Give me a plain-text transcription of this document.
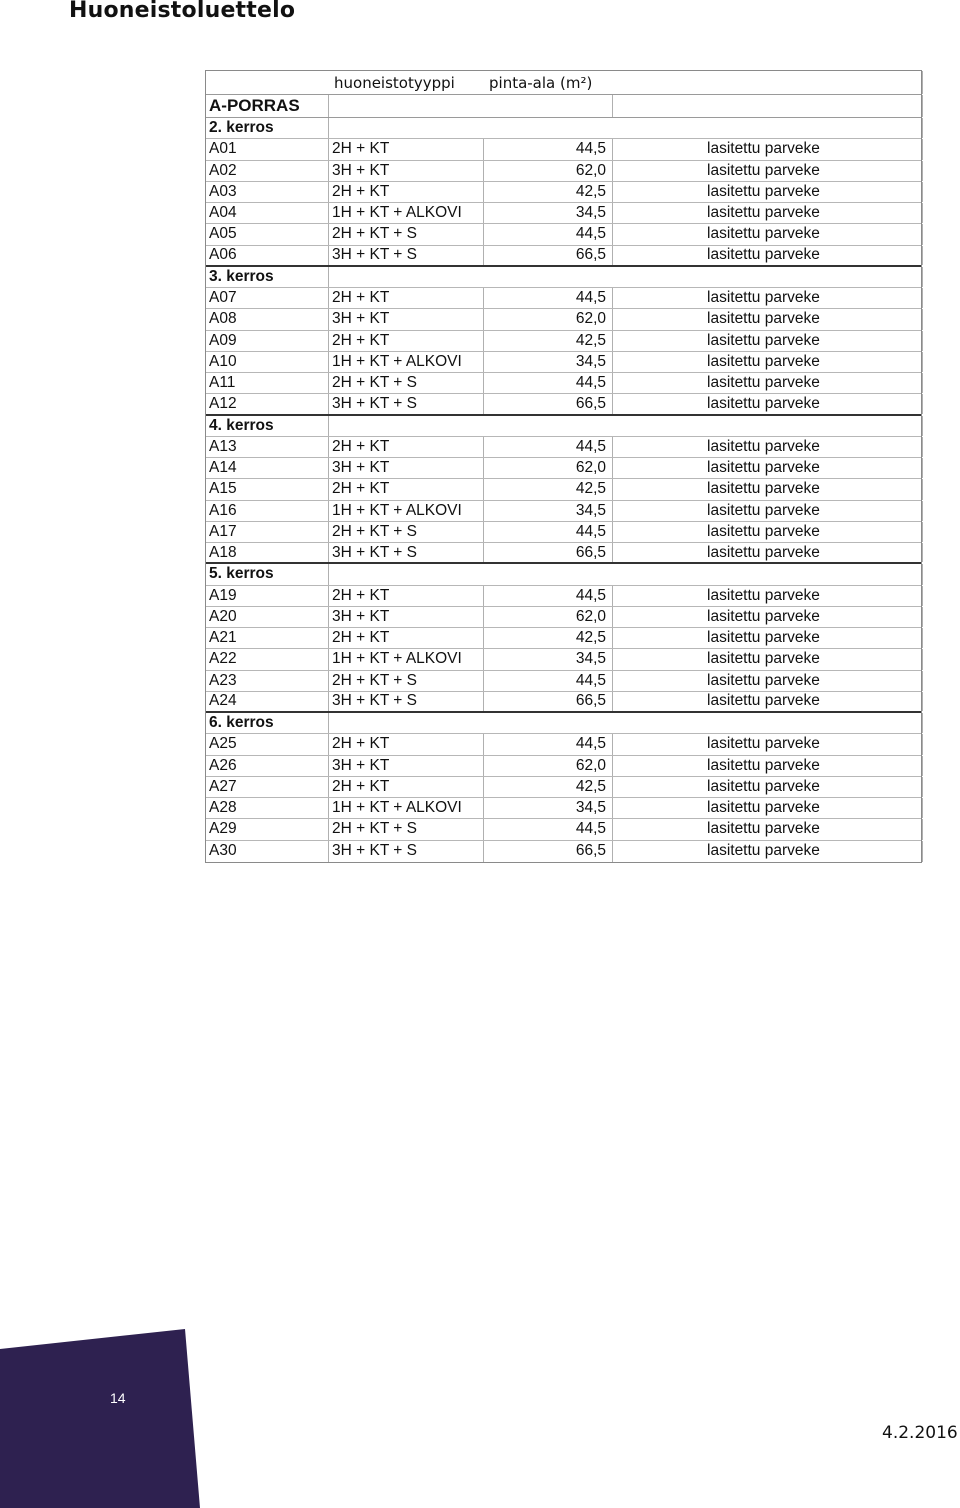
Huoneistoluettelo
huoneistotyyppi	pinta-ala (m²)
A-PORRAS
2. kerros
A01	2H + KT	44,5	lasitettu parveke
A02	3H + KT	62,0	lasitettu parveke
A03	2H + KT	42,5	lasitettu parveke
A04	1H + KT + ALKOVI	34,5	lasitettu parveke
A05	2H + KT + S	44,5	lasitettu parveke
A06	3H + KT + S	66,5	lasitettu parveke
3. kerros
A07	2H + KT	44,5	lasitettu parveke
A08	3H + KT	62,0	lasitettu parveke
A09	2H + KT	42,5	lasitettu parveke
A10	1H + KT + ALKOVI	34,5	lasitettu parveke
A11	2H + KT + S	44,5	lasitettu parveke
A12	3H + KT + S	66,5	lasitettu parveke
4. kerros
A13	2H + KT	44,5	lasitettu parveke
A14	3H + KT	62,0	lasitettu parveke
A15	2H + KT	42,5	lasitettu parveke
A16	1H + KT + ALKOVI	34,5	lasitettu parveke
A17	2H + KT + S	44,5	lasitettu parveke
A18	3H + KT + S	66,5	lasitettu parveke
5. kerros
A19	2H + KT	44,5	lasitettu parveke
A20	3H + KT	62,0	lasitettu parveke
A21	2H + KT	42,5	lasitettu parveke
A22	1H + KT + ALKOVI	34,5	lasitettu parveke
A23	2H + KT + S	44,5	lasitettu parveke
A24	3H + KT + S	66,5	lasitettu parveke
6. kerros
A25	2H + KT	44,5	lasitettu parveke
A26	3H + KT	62,0	lasitettu parveke
A27	2H + KT	42,5	lasitettu parveke
A28	1H + KT + ALKOVI	34,5	lasitettu parveke
A29	2H + KT + S	44,5	lasitettu parveke
A30	3H + KT + S	66,5	lasitettu parveke
14
4.2.2016
